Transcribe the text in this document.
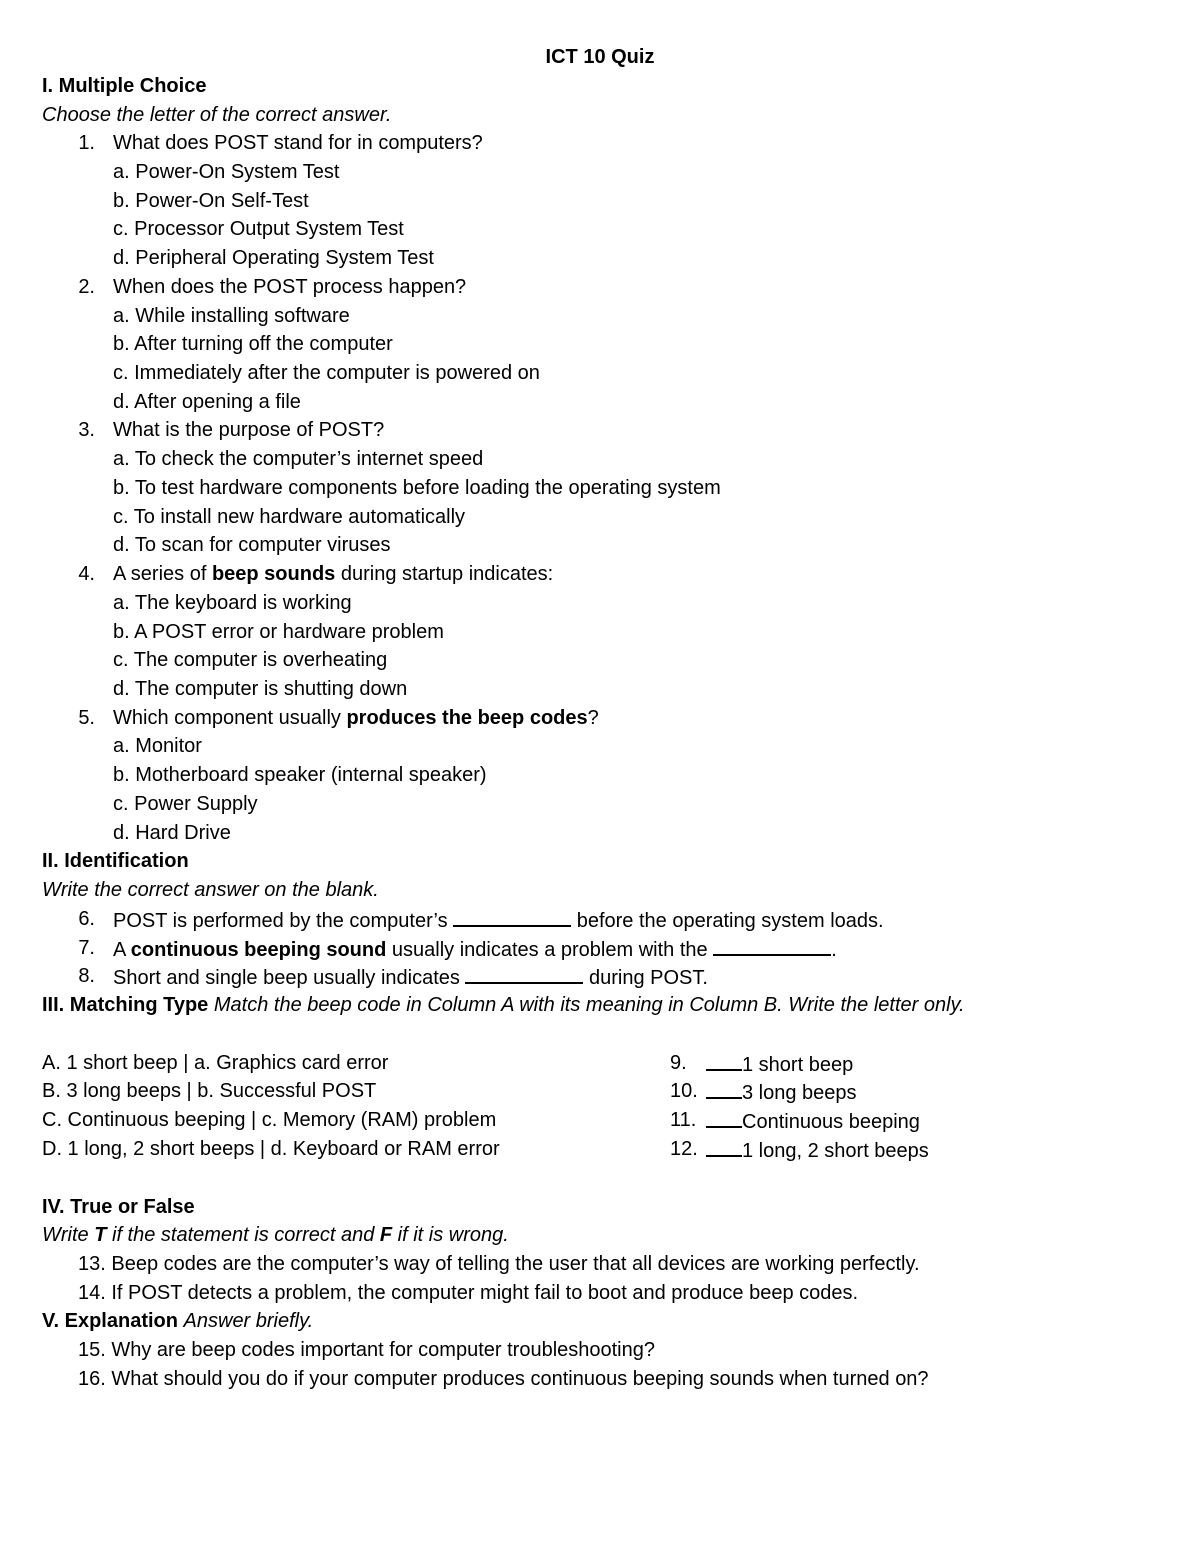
ICT 10 Quiz
I. Multiple Choice
Choose the letter of the correct answer.
1. What does POST stand for in computers?
a. Power-On System Test
b. Power-On Self-Test
c. Processor Output System Test
d. Peripheral Operating System Test
2. When does the POST process happen?
a. While installing software
b. After turning off the computer
c. Immediately after the computer is powered on
d. After opening a file
3. What is the purpose of POST?
a. To check the computer’s internet speed
b. To test hardware components before loading the operating system
c. To install new hardware automatically
d. To scan for computer viruses
4. A series of beep sounds during startup indicates:
a. The keyboard is working
b. A POST error or hardware problem
c. The computer is overheating
d. The computer is shutting down
5. Which component usually produces the beep codes?
a. Monitor
b. Motherboard speaker (internal speaker)
c. Power Supply
d. Hard Drive
II. Identification
Write the correct answer on the blank.
6. POST is performed by the computer’s	before the operating system loads.
7. A continuous beeping sound usually indicates a problem with the	.
8. Short and single beep usually indicates	during POST.
III. Matching Type Match the beep code in Column A with its meaning in Column B. Write the letter only.
A. 1 short beep | a. Graphics card error
B. 3 long beeps | b. Successful POST
C. Continuous beeping | c. Memory (RAM) problem
D. 1 long, 2 short beeps | d. Keyboard or RAM error
9.	1 short beep
10.	3 long beeps
11.	Continuous beeping
12.	1 long, 2 short beeps
IV. True or False
Write T if the statement is correct and F if it is wrong.
13. Beep codes are the computer’s way of telling the user that all devices are working perfectly.
14. If POST detects a problem, the computer might fail to boot and produce beep codes.
V. Explanation Answer briefly.
15. Why are beep codes important for computer troubleshooting?
16. What should you do if your computer produces continuous beeping sounds when turned on?
